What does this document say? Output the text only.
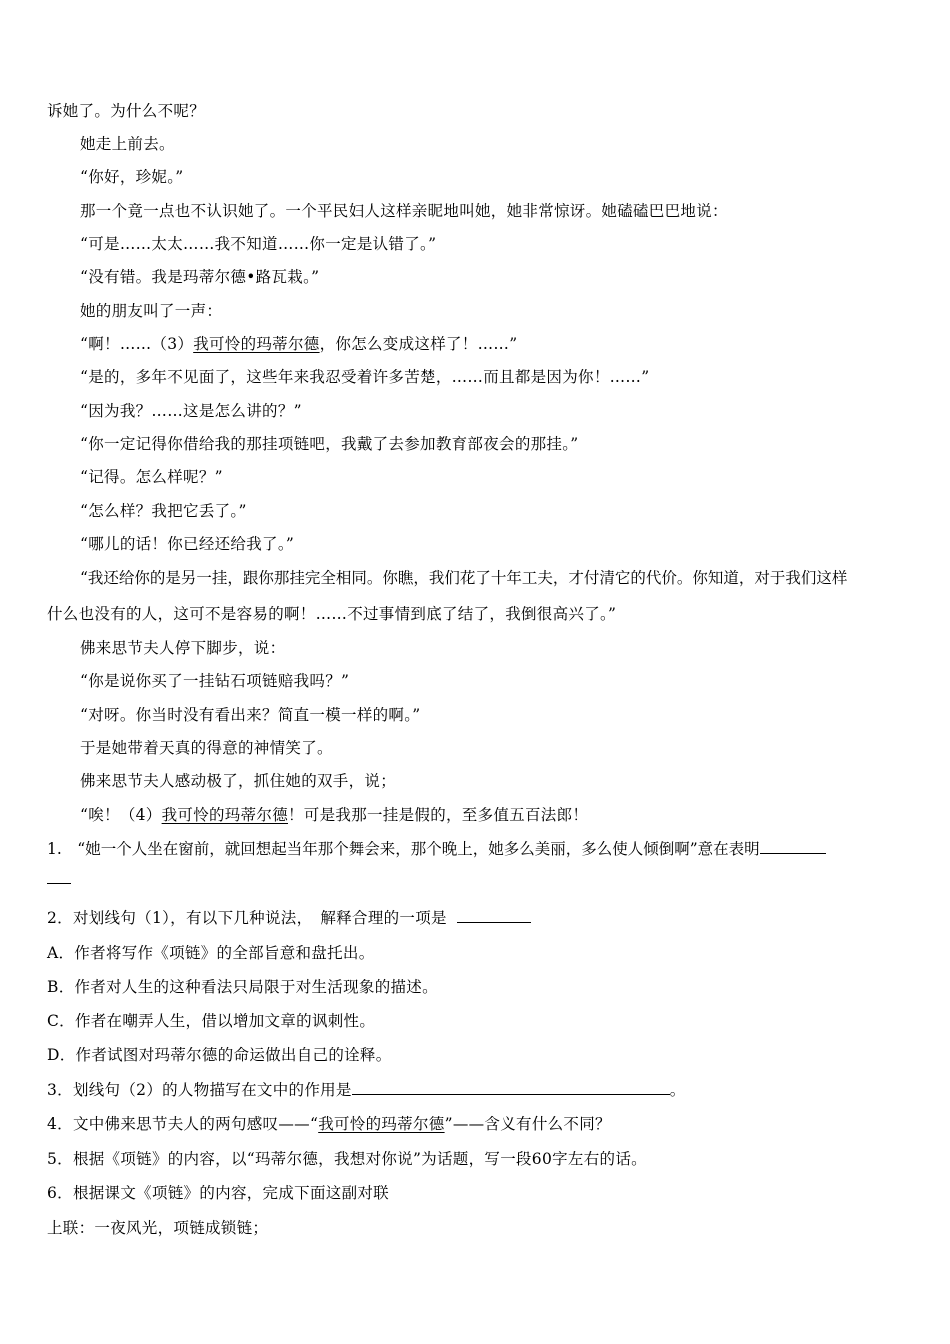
诉她了。为什么不呢？
她走上前去。
“你好，珍妮。”
那一个竟一点也不认识她了。一个平民妇人这样亲昵地叫她，她非常惊讶。她磕磕巴巴地说：
“可是……太太……我不知道……你一定是认错了。”
“没有错。我是玛蒂尔德•路瓦栽。”
她的朋友叫了一声：
“啊！……（3）我可怜的玛蒂尔德，你怎么变成这样了！……”
“是的，多年不见面了，这些年来我忍受着许多苦楚，……而且都是因为你！……”
“因为我？……这是怎么讲的？”
“你一定记得你借给我的那挂项链吧，我戴了去参加教育部夜会的那挂。”
“记得。怎么样呢？”
“怎么样？我把它丢了。”
“哪儿的话！你已经还给我了。”
“我还给你的是另一挂，跟你那挂完全相同。你瞧，我们花了十年工夫，才付清它的代价。你知道，对于我们这样
什么也没有的人，这可不是容易的啊！……不过事情到底了结了，我倒很高兴了。”
佛来思节夫人停下脚步，说：
“你是说你买了一挂钻石项链赔我吗？”
“对呀。你当时没有看出来？简直一模一样的啊。”
于是她带着天真的得意的神情笑了。
佛来思节夫人感动极了，抓住她的双手，说；
“唉！（4）我可怜的玛蒂尔德！可是我那一挂是假的，至多值五百法郎！
1.　“她一个人坐在窗前，就回想起当年那个舞会来，那个晚上，她多么美丽，多么使人倾倒啊”意在表明
2．对划线句（1），有以下几种说法，　解释合理的一项是
A．作者将写作《项链》的全部旨意和盘托出。
B．作者对人生的这种看法只局限于对生活现象的描述。
C．作者在嘲弄人生，借以增加文章的讽刺性。
D．作者试图对玛蒂尔德的命运做出自己的诠释。
3．划线句（2）的人物描写在文中的作用是	。
4．文中佛来思节夫人的两句感叹——“我可怜的玛蒂尔德”——含义有什么不同？
5．根据《项链》的内容，以“玛蒂尔德，我想对你说”为话题，写一段60字左右的话。
6．根据课文《项链》的内容，完成下面这副对联
上联：一夜风光，项链成锁链；
